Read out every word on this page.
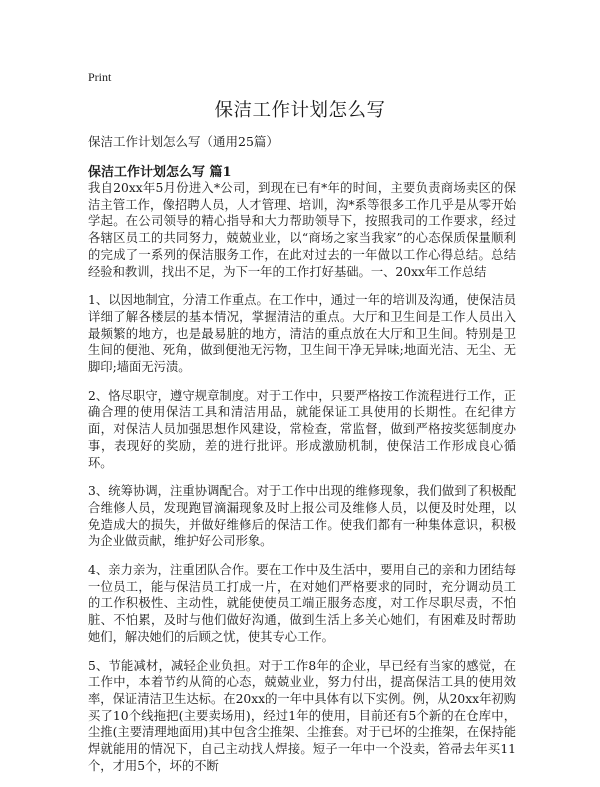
Print
保洁工作计划怎么写

保洁工作计划怎么写（通用25篇）

保洁工作计划怎么写 篇1

我自20xx年5月份进入*公司，到现在已有*年的时间，主要负责商场卖区的保洁主管工作，像招聘人员，人才管理、培训，沟*系等很多工作几乎是从零开始学起。在公司领导的精心指导和大力帮助领导下，按照我司的工作要求，经过各辖区员工的共同努力，兢兢业业，以“商场之家当我家”的心态保质保量顺利的完成了一系列的保洁服务工作，在此对过去的一年做以工作心得总结。总结经验和教训，找出不足，为下一年的工作打好基础。一、20xx年工作总结

1、以因地制宜，分清工作重点。在工作中，通过一年的培训及沟通，使保洁员详细了解各楼层的基本情况，掌握清洁的重点。大厅和卫生间是工作人员出入最频繁的地方，也是最易脏的地方，清洁的重点放在大厅和卫生间。特别是卫生间的便池、死角，做到便池无污物，卫生间干净无异味;地面光洁、无尘、无脚印;墙面无污渍。

2、恪尽职守，遵守规章制度。对于工作中，只要严格按工作流程进行工作，正确合理的使用保洁工具和清洁用品，就能保证工具使用的长期性。在纪律方面，对保洁人员加强思想作风建设，常检查，常监督，做到严格按奖惩制度办事，表现好的奖励，差的进行批评。形成激励机制，使保洁工作形成良心循环。

3、统筹协调，注重协调配合。对于工作中出现的维修现象，我们做到了积极配合维修人员，发现跑冒滴漏现象及时上报公司及维修人员，以便及时处理，以免造成大的损失，并做好维修后的保洁工作。使我们都有一种集体意识，积极为企业做贡献，维护好公司形象。

4、亲力亲为，注重团队合作。要在工作中及生活中，要用自己的亲和力团结每一位员工，能与保洁员工打成一片，在对她们严格要求的同时，充分调动员工的工作积极性、主动性，就能使使员工端正服务态度，对工作尽职尽责，不怕脏、不怕累，及时与他们做好沟通，做到生活上多关心她们，有困难及时帮助她们，解决她们的后顾之忧，使其专心工作。

5、节能减材，减轻企业负担。对于工作8年的企业，早已经有当家的感觉，在工作中，本着节约从简的心态，兢兢业业，努力付出，提高保洁工具的使用效率，保证清洁卫生达标。在20xx的一年中具体有以下实例。例，从20xx年初购买了10个线拖把(主要卖场用)，经过1年的使用，目前还有5个新的在仓库中，尘推(主要清理地面用)其中包含尘推架、尘推套。对于已坏的尘推架，在保持能焊就能用的情况下，自己主动找人焊接。短子一年中一个没卖，笞帚去年买11个，才用5个，坏的不断
